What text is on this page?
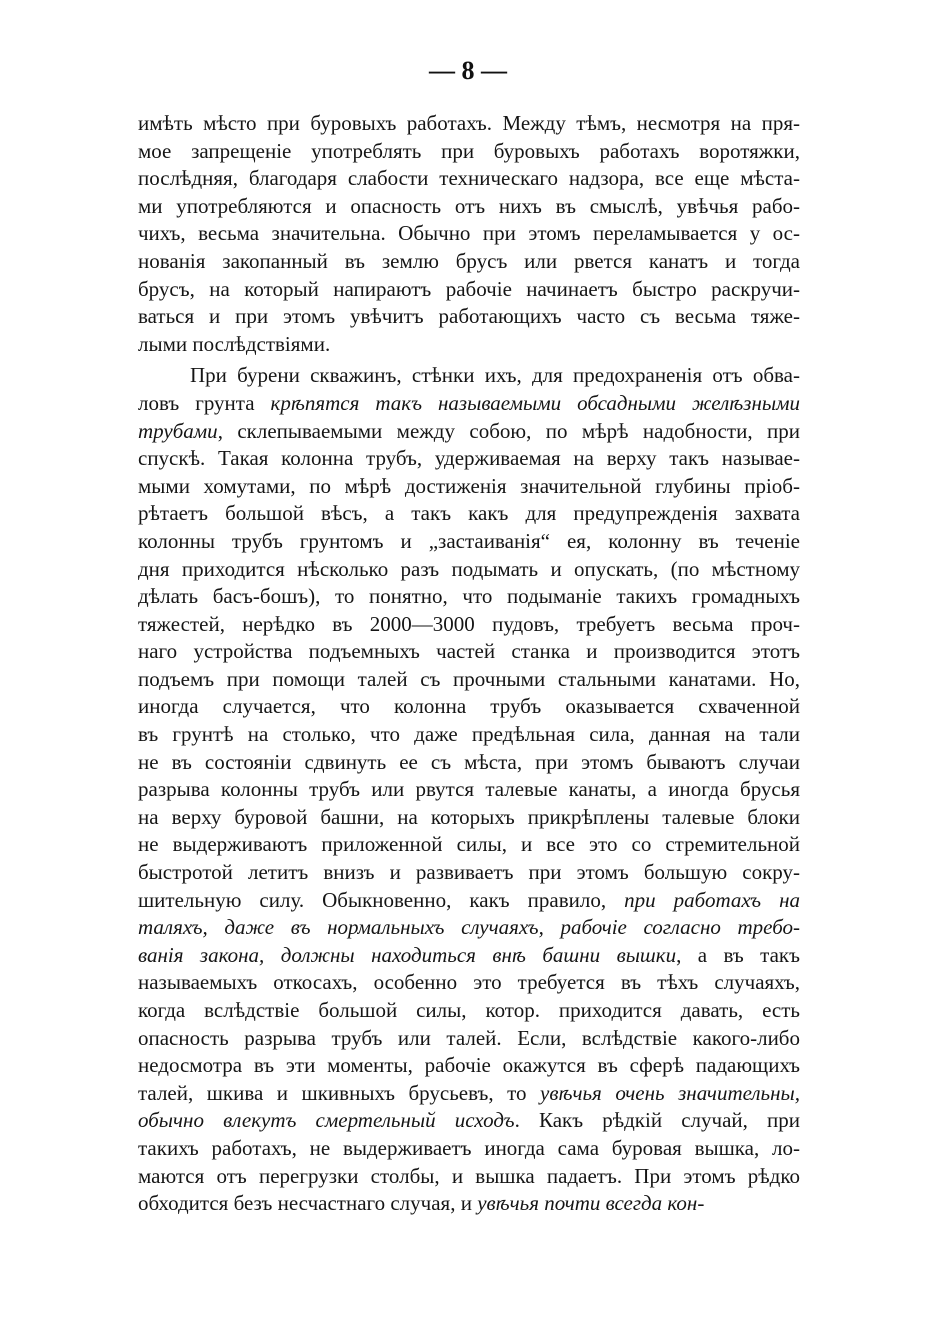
— 8 —
имѣть мѣсто при буровыхъ работахъ. Между тѣмъ, несмотря на пря-
мое запрещеніе употреблять при буровыхъ работахъ воротяжки,
послѣдняя, благодаря слабости техническаго надзора, все еще мѣста-
ми употребляются и опасность отъ нихъ въ смыслѣ, увѣчья рабо-
чихъ, весьма значительна. Обычно при этомъ переламывается у ос-
нованія закопанный въ землю брусъ или рвется канатъ и тогда
брусъ, на который напираютъ рабочіе начинаетъ быстро раскручи-
ваться и при этомъ увѣчитъ работающихъ часто съ весьма тяже-
лыми послѣдствіями.
При бурени скважинъ, стѣнки ихъ, для предохраненія отъ обва-
ловъ грунта крѣпятся такъ называемыми обсадными желѣзными
трубами, склепываемыми между собою, по мѣрѣ надобности, при
спускѣ. Такая колонна трубъ, удерживаемая на верху такъ называе-
мыми хомутами, по мѣрѣ достиженія значительной глубины пріоб-
рѣтаетъ большой вѣсъ, а такъ какъ для предупрежденія захвата
колонны трубъ грунтомъ и „застаиванія“ ея, колонну въ теченіе
дня приходится нѣсколько разъ подымать и опускать, (по мѣстному
дѣлать басъ-бошъ), то понятно, что подыманіе такихъ громадныхъ
тяжестей, нерѣдко въ 2000—3000 пудовъ, требуетъ весьма проч-
наго устройства подъемныхъ частей станка и производится этотъ
подъемъ при помощи талей съ прочными стальными канатами. Но,
иногда случается, что колонна трубъ оказывается схваченной
въ грунтѣ на столько, что даже предѣльная сила, данная на тали
не въ состояніи сдвинуть ее съ мѣста, при этомъ бываютъ случаи
разрыва колонны трубъ или рвутся талевые канаты, а иногда брусья
на верху буровой башни, на которыхъ прикрѣплены талевые блоки
не выдерживаютъ приложенной силы, и все это со стремительной
быстротой летитъ внизъ и развиваетъ при этомъ большую сокру-
шительную силу. Обыкновенно, какъ правило, при работахъ на
таляхъ, даже въ нормальныхъ случаяхъ, рабочіе согласно требо-
ванія закона, должны находиться внѣ башни вышки, а въ такъ
называемыхъ откосахъ, особенно это требуется въ тѣхъ случаяхъ,
когда вслѣдствіе большой силы, котор. приходится давать, есть
опасность разрыва трубъ или талей. Если, вслѣдствіе какого-либо
недосмотра въ эти моменты, рабочіе окажутся въ сферѣ падающихъ
талей, шкива и шкивныхъ брусьевъ, то увѣчья очень значительны,
обычно влекутъ смертельный исходъ. Какъ рѣдкій случай, при
такихъ работахъ, не выдерживаетъ иногда сама буровая вышка, ло-
маются отъ перегрузки столбы, и вышка падаетъ. При этомъ рѣдко
обходится безъ несчастнаго случая, и увѣчья почти всегда кон-
